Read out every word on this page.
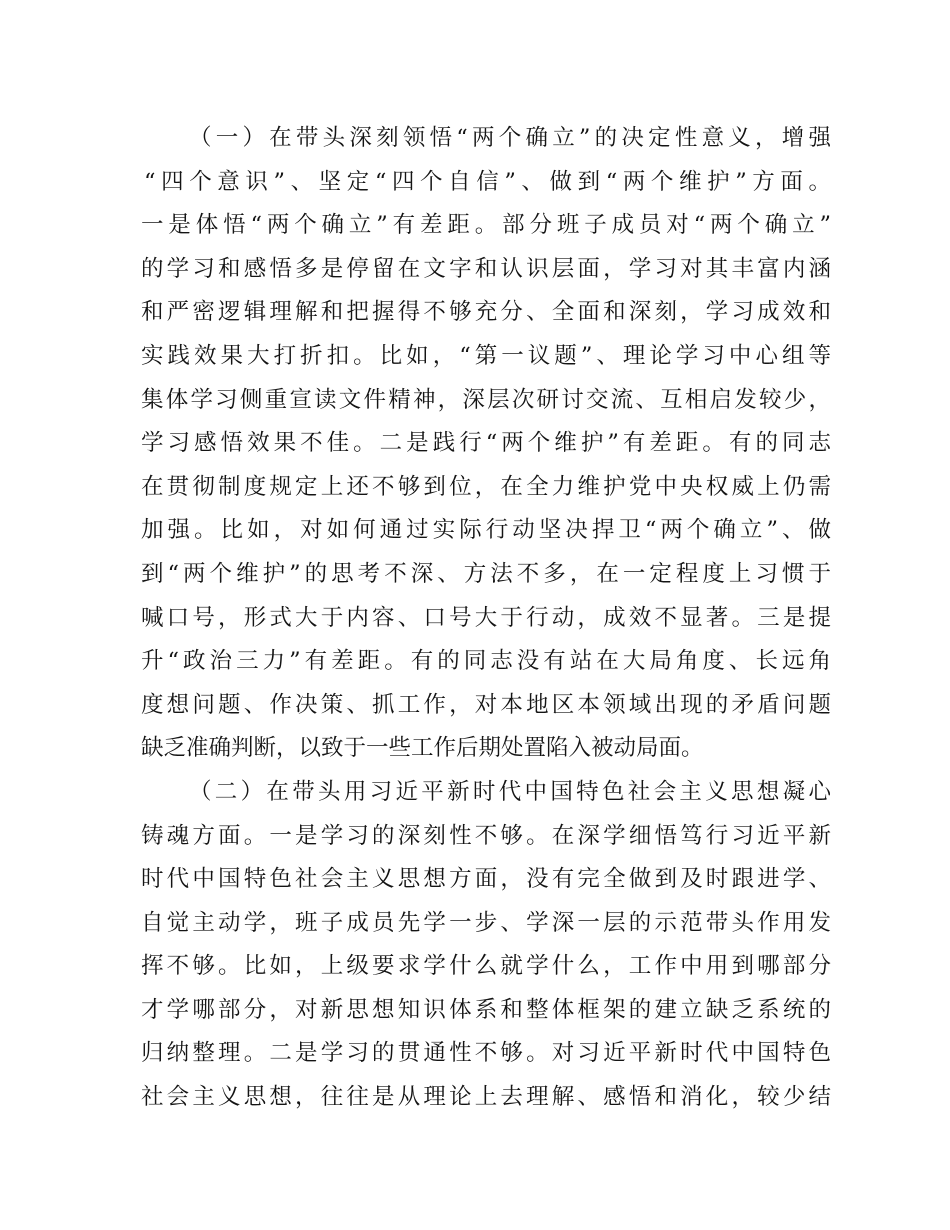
（一）在带头深刻领悟“两个确立”的决定性意义，增强
“四个意识”、坚定“四个自信”、做到“两个维护”方面。
一是体悟“两个确立”有差距。部分班子成员对“两个确立”
的学习和感悟多是停留在文字和认识层面，学习对其丰富内涵
和严密逻辑理解和把握得不够充分、全面和深刻，学习成效和
实践效果大打折扣。比如，“第一议题”、理论学习中心组等
集体学习侧重宣读文件精神，深层次研讨交流、互相启发较少，
学习感悟效果不佳。二是践行“两个维护”有差距。有的同志
在贯彻制度规定上还不够到位，在全力维护党中央权威上仍需
加强。比如，对如何通过实际行动坚决捍卫“两个确立”、做
到“两个维护”的思考不深、方法不多，在一定程度上习惯于
喊口号，形式大于内容、口号大于行动，成效不显著。三是提
升“政治三力”有差距。有的同志没有站在大局角度、长远角
度想问题、作决策、抓工作，对本地区本领域出现的矛盾问题
缺乏准确判断，以致于一些工作后期处置陷入被动局面。
（二）在带头用习近平新时代中国特色社会主义思想凝心
铸魂方面。一是学习的深刻性不够。在深学细悟笃行习近平新
时代中国特色社会主义思想方面，没有完全做到及时跟进学、
自觉主动学，班子成员先学一步、学深一层的示范带头作用发
挥不够。比如，上级要求学什么就学什么，工作中用到哪部分
才学哪部分，对新思想知识体系和整体框架的建立缺乏系统的
归纳整理。二是学习的贯通性不够。对习近平新时代中国特色
社会主义思想，往往是从理论上去理解、感悟和消化，较少结
